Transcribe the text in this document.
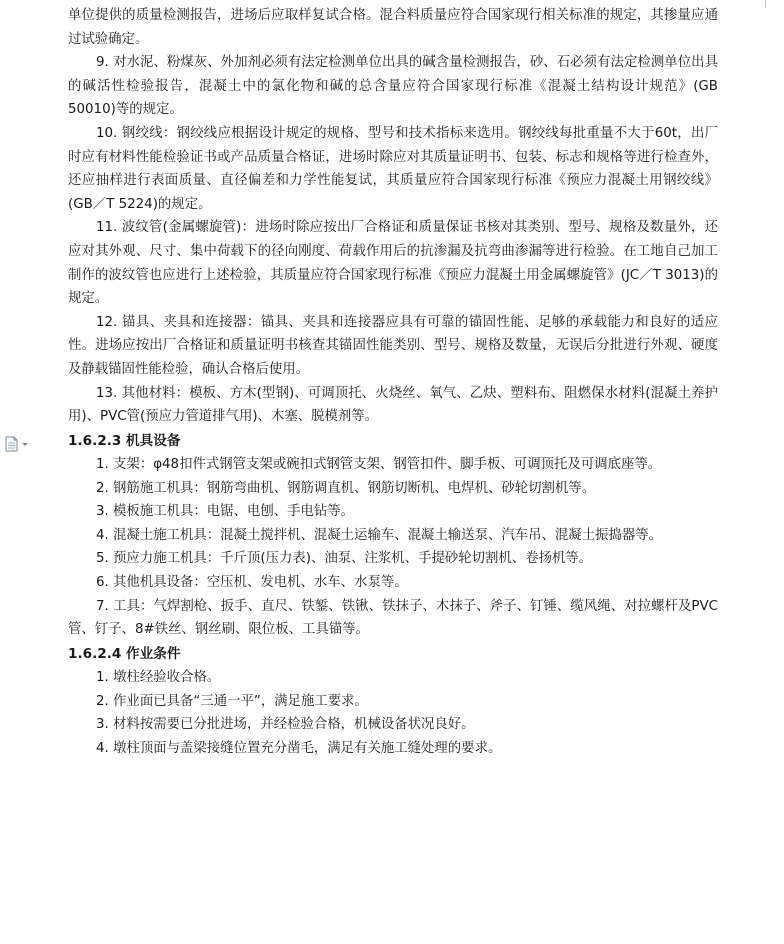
单位提供的质量检测报告，进场后应取样复试合格。混合料质量应符合国家现行相关标准的规定，其掺量应通过试验确定。

9. 对水泥、粉煤灰、外加剂必须有法定检测单位出具的碱含量检测报告，砂、石必须有法定检测单位出具的碱活性检验报告，混凝土中的氯化物和碱的总含量应符合国家现行标准《混凝土结构设计规范》(GB 50010)等的规定。

10. 钢绞线：钢绞线应根据设计规定的规格、型号和技术指标来选用。钢绞线每批重量不大于60t，出厂时应有材料性能检验证书或产品质量合格证，进场时除应对其质量证明书、包装、标志和规格等进行检查外，还应抽样进行表面质量、直径偏差和力学性能复试，其质量应符合国家现行标准《预应力混凝土用钢绞线》(GB／T 5224)的规定。

11. 波纹管(金属螺旋管)：进场时除应按出厂合格证和质量保证书核对其类别、型号、规格及数量外，还应对其外观、尺寸、集中荷载下的径向刚度、荷载作用后的抗渗漏及抗弯曲渗漏等进行检验。在工地自己加工制作的波纹管也应进行上述检验，其质量应符合国家现行标准《预应力混凝土用金属螺旋管》(JC／T 3013)的规定。

12. 锚具、夹具和连接器：锚具、夹具和连接器应具有可靠的锚固性能、足够的承载能力和良好的适应性。进场应按出厂合格证和质量证明书核查其锚固性能类别、型号、规格及数量，无误后分批进行外观、硬度及静载锚固性能检验，确认合格后使用。

13. 其他材料：模板、方木(型钢)、可调顶托、火烧丝、氧气、乙炔、塑料布、阻燃保水材料(混凝土养护用)、PVC管(预应力管道排气用)、木塞、脱模剂等。

1.6.2.3 机具设备

1. 支架：φ48扣件式钢管支架或碗扣式钢管支架、钢管扣件、脚手板、可调顶托及可调底座等。

2. 钢筋施工机具：钢筋弯曲机、钢筋调直机、钢筋切断机、电焊机、砂轮切割机等。

3. 模板施工机具：电锯、电刨、手电钻等。

4. 混凝土施工机具：混凝土搅拌机、混凝土运输车、混凝土输送泵、汽车吊、混凝土振捣器等。

5. 预应力施工机具：千斤顶(压力表)、油泵、注浆机、手提砂轮切割机、卷扬机等。

6. 其他机具设备：空压机、发电机、水车、水泵等。

7. 工具：气焊割枪、扳手、直尺、铁錾、铁锹、铁抹子、木抹子、斧子、钉锤、缆风绳、对拉螺杆及PVC管、钉子、8#铁丝、钢丝刷、限位板、工具锚等。

1.6.2.4 作业条件

1. 墩柱经验收合格。

2. 作业面已具备“三通一平”，满足施工要求。

3. 材料按需要已分批进场，并经检验合格，机械设备状况良好。

4. 墩柱顶面与盖梁接缝位置充分凿毛，满足有关施工缝处理的要求。
